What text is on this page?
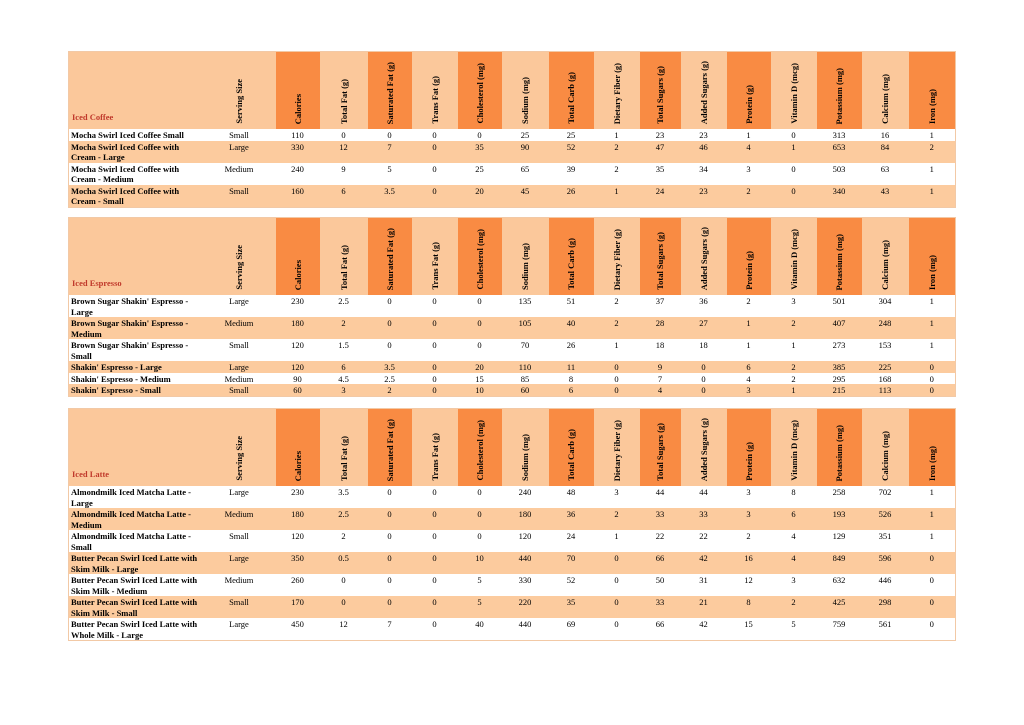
Iced Coffee	Serving Size	Calories	Total Fat (g)	Saturated Fat (g)	Trans Fat (g)	Cholesterol (mg)	Sodium (mg)	Total Carb (g)	Dietary Fiber (g)	Total Sugars (g)	Added Sugars (g)	Protein (g)	Vitamin D (mcg)	Potassium (mg)	Calcium (mg)	Iron (mg)

Mocha Swirl Iced Coffee Small	Small	110	0	0	0	0	25	25	1	23	23	1	0	313	16	1
Mocha Swirl Iced Coffee with Cream - Large	Large	330	12	7	0	35	90	52	2	47	46	4	1	653	84	2
Mocha Swirl Iced Coffee with Cream - Medium	Medium	240	9	5	0	25	65	39	2	35	34	3	0	503	63	1
Mocha Swirl Iced Coffee with Cream - Small	Small	160	6	3.5	0	20	45	26	1	24	23	2	0	340	43	1
Iced Espresso	Serving Size	Calories	Total Fat (g)	Saturated Fat (g)	Trans Fat (g)	Cholesterol (mg)	Sodium (mg)	Total Carb (g)	Dietary Fiber (g)	Total Sugars (g)	Added Sugars (g)	Protein (g)	Vitamin D (mcg)	Potassium (mg)	Calcium (mg)	Iron (mg)

Brown Sugar Shakin' Espresso - Large	Large	230	2.5	0	0	0	135	51	2	37	36	2	3	501	304	1
Brown Sugar Shakin' Espresso - Medium	Medium	180	2	0	0	0	105	40	2	28	27	1	2	407	248	1
Brown Sugar Shakin' Espresso - Small	Small	120	1.5	0	0	0	70	26	1	18	18	1	1	273	153	1
Shakin' Espresso - Large	Large	120	6	3.5	0	20	110	11	0	9	0	6	2	385	225	0
Shakin' Espresso - Medium	Medium	90	4.5	2.5	0	15	85	8	0	7	0	4	2	295	168	0
Shakin' Espresso - Small	Small	60	3	2	0	10	60	6	0	4	0	3	1	215	113	0
Iced Latte	Serving Size	Calories	Total Fat (g)	Saturated Fat (g)	Trans Fat (g)	Cholesterol (mg)	Sodium (mg)	Total Carb (g)	Dietary Fiber (g)	Total Sugars (g)	Added Sugars (g)	Protein (g)	Vitamin D (mcg)	Potassium (mg)	Calcium (mg)	Iron (mg)

Almondmilk Iced Matcha Latte - Large	Large	230	3.5	0	0	0	240	48	3	44	44	3	8	258	702	1
Almondmilk Iced Matcha Latte - Medium	Medium	180	2.5	0	0	0	180	36	2	33	33	3	6	193	526	1
Almondmilk Iced Matcha Latte - Small	Small	120	2	0	0	0	120	24	1	22	22	2	4	129	351	1
Butter Pecan Swirl Iced Latte with Skim Milk - Large	Large	350	0.5	0	0	10	440	70	0	66	42	16	4	849	596	0
Butter Pecan Swirl Iced Latte with Skim Milk - Medium	Medium	260	0	0	0	5	330	52	0	50	31	12	3	632	446	0
Butter Pecan Swirl Iced Latte with Skim Milk - Small	Small	170	0	0	0	5	220	35	0	33	21	8	2	425	298	0
Butter Pecan Swirl Iced Latte with Whole Milk - Large	Large	450	12	7	0	40	440	69	0	66	42	15	5	759	561	0
